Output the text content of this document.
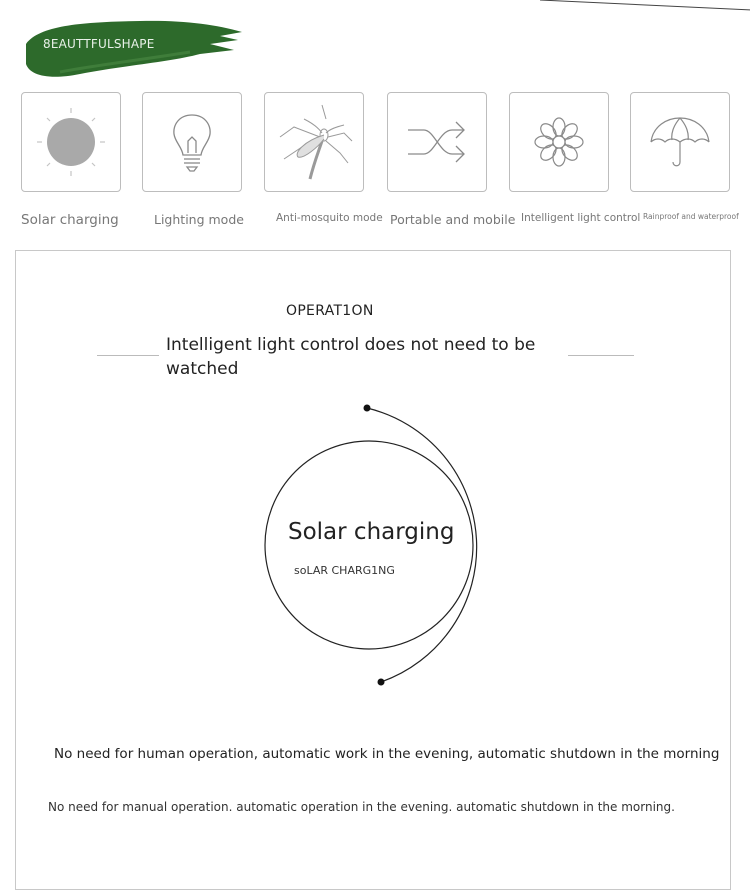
8EAUTTFULSHAPE
Solar charging	Lighting mode	Anti-mosquito mode Portable and mobile Intelligent light control Rainproof and waterproof
OPERAT1ON
Intelligent light control does not need to be watched
Solar charging
soLAR CHARG1NG
No need for human operation, automatic work in the evening, automatic shutdown in the morning
No need for manual operation. automatic operation in the evening. automatic shutdown in the morning.
